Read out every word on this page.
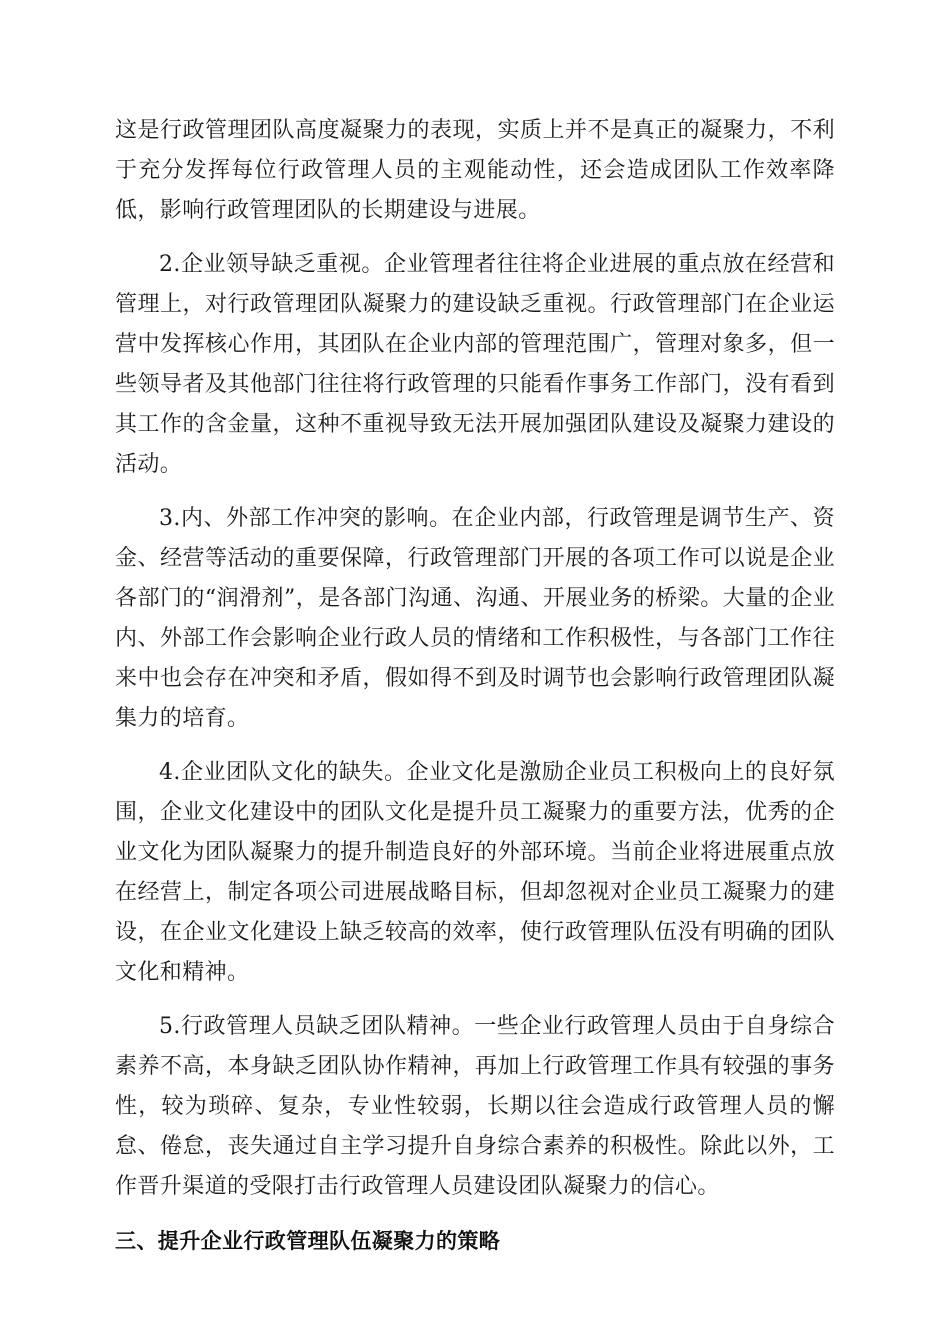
这是行政管理团队高度凝聚力的表现，实质上并不是真正的凝聚力，不利于充分发挥每位行政管理人员的主观能动性，还会造成团队工作效率降低，影响行政管理团队的长期建设与进展。

2.企业领导缺乏重视。企业管理者往往将企业进展的重点放在经营和管理上，对行政管理团队凝聚力的建设缺乏重视。行政管理部门在企业运营中发挥核心作用，其团队在企业内部的管理范围广，管理对象多，但一些领导者及其他部门往往将行政管理的只能看作事务工作部门，没有看到其工作的含金量，这种不重视导致无法开展加强团队建设及凝聚力建设的活动。

3.内、外部工作冲突的影响。在企业内部，行政管理是调节生产、资金、经营等活动的重要保障，行政管理部门开展的各项工作可以说是企业各部门的“润滑剂”，是各部门沟通、沟通、开展业务的桥梁。大量的企业内、外部工作会影响企业行政人员的情绪和工作积极性，与各部门工作往来中也会存在冲突和矛盾，假如得不到及时调节也会影响行政管理团队凝集力的培育。

4.企业团队文化的缺失。企业文化是激励企业员工积极向上的良好氛围，企业文化建设中的团队文化是提升员工凝聚力的重要方法，优秀的企业文化为团队凝聚力的提升制造良好的外部环境。当前企业将进展重点放在经营上，制定各项公司进展战略目标，但却忽视对企业员工凝聚力的建设，在企业文化建设上缺乏较高的效率，使行政管理队伍没有明确的团队文化和精神。

5.行政管理人员缺乏团队精神。一些企业行政管理人员由于自身综合素养不高，本身缺乏团队协作精神，再加上行政管理工作具有较强的事务性，较为琐碎、复杂，专业性较弱，长期以往会造成行政管理人员的懈怠、倦怠，丧失通过自主学习提升自身综合素养的积极性。除此以外，工作晋升渠道的受限打击行政管理人员建设团队凝聚力的信心。

三、提升企业行政管理队伍凝聚力的策略
